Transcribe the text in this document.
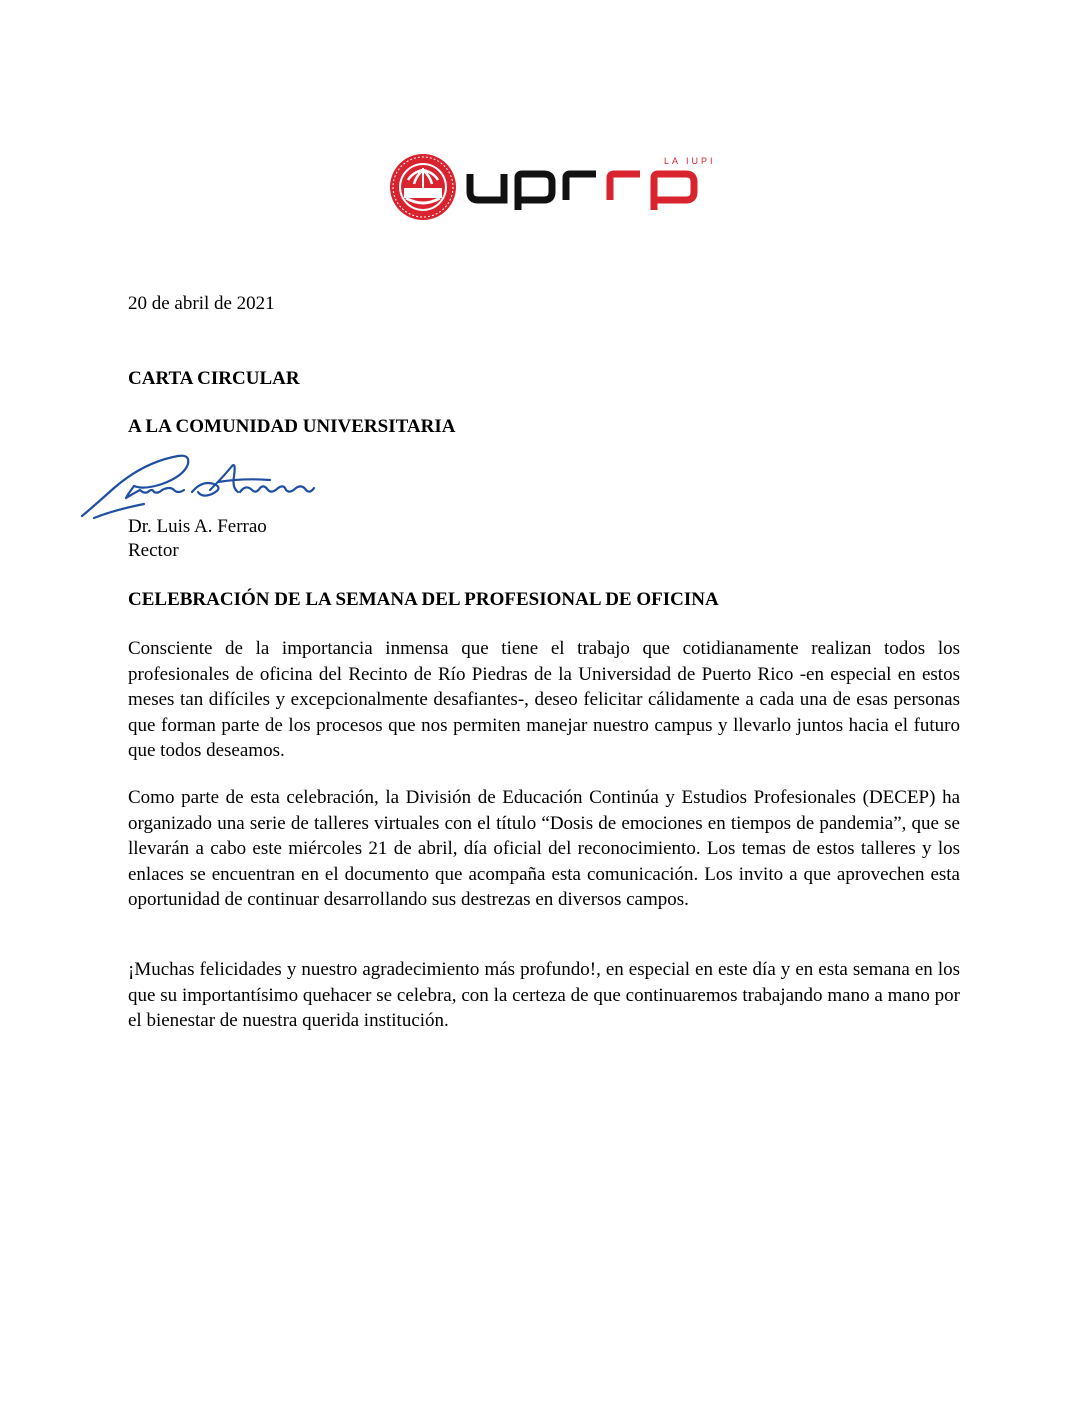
LA IUPI
20 de abril de 2021
CARTA CIRCULAR
A LA COMUNIDAD UNIVERSITARIA
Dr. Luis A. Ferrao
Rector
CELEBRACIÓN DE LA SEMANA DEL PROFESIONAL DE OFICINA

Consciente de la importancia inmensa que tiene el trabajo que cotidianamente realizan todos los profesionales de oficina del Recinto de Río Piedras de la Universidad de Puerto Rico -en especial en estos meses tan difíciles y excepcionalmente desafiantes-, deseo felicitar cálidamente a cada una de esas personas que forman parte de los procesos que nos permiten manejar nuestro campus y llevarlo juntos hacia el futuro que todos deseamos.

Como parte de esta celebración, la División de Educación Continúa y Estudios Profesionales (DECEP) ha organizado una serie de talleres virtuales con el título “Dosis de emociones en tiempos de pandemia”, que se llevarán a cabo este miércoles 21 de abril, día oficial del reconocimiento. Los temas de estos talleres y los enlaces se encuentran en el documento que acompaña esta comunicación. Los invito a que aprovechen esta oportunidad de continuar desarrollando sus destrezas en diversos campos.

¡Muchas felicidades y nuestro agradecimiento más profundo!, en especial en este día y en esta semana en los que su importantísimo quehacer se celebra, con la certeza de que continuaremos trabajando mano a mano por el bienestar de nuestra querida institución.
